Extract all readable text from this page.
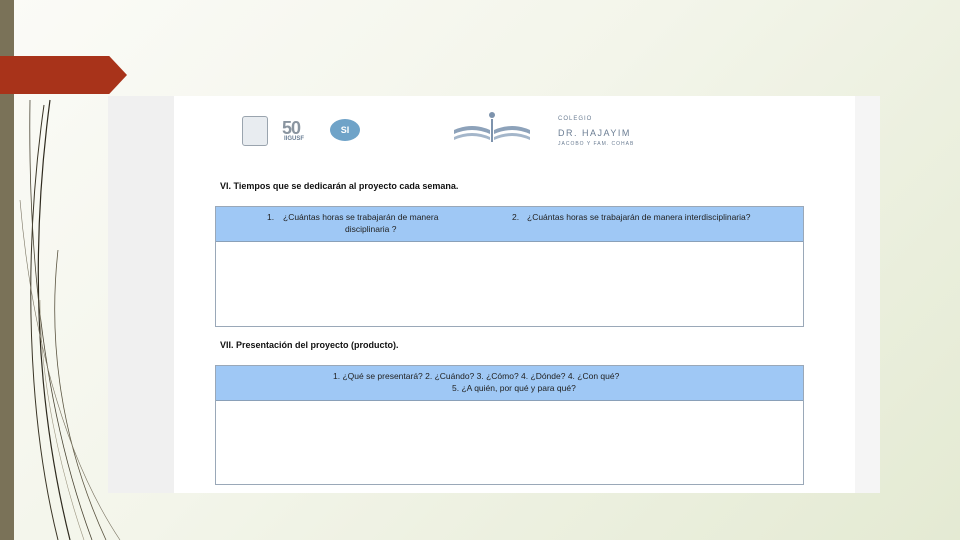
50
IIGUSF
SI
COLEGIO
DR. HAJAYIM
JACOBO Y FAM. COHAB
VI. Tiempos que se dedicarán al proyecto cada semana.
1. ¿Cuántas horas se trabajarán de manera
disciplinaria ?
2. ¿Cuántas horas se trabajarán de manera interdisciplinaria?
VII. Presentación del proyecto (producto).
1. ¿Qué se presentará? 2. ¿Cuándo? 3. ¿Cómo? 4. ¿Dónde? 4. ¿Con qué?
5. ¿A quién, por qué y para qué?
